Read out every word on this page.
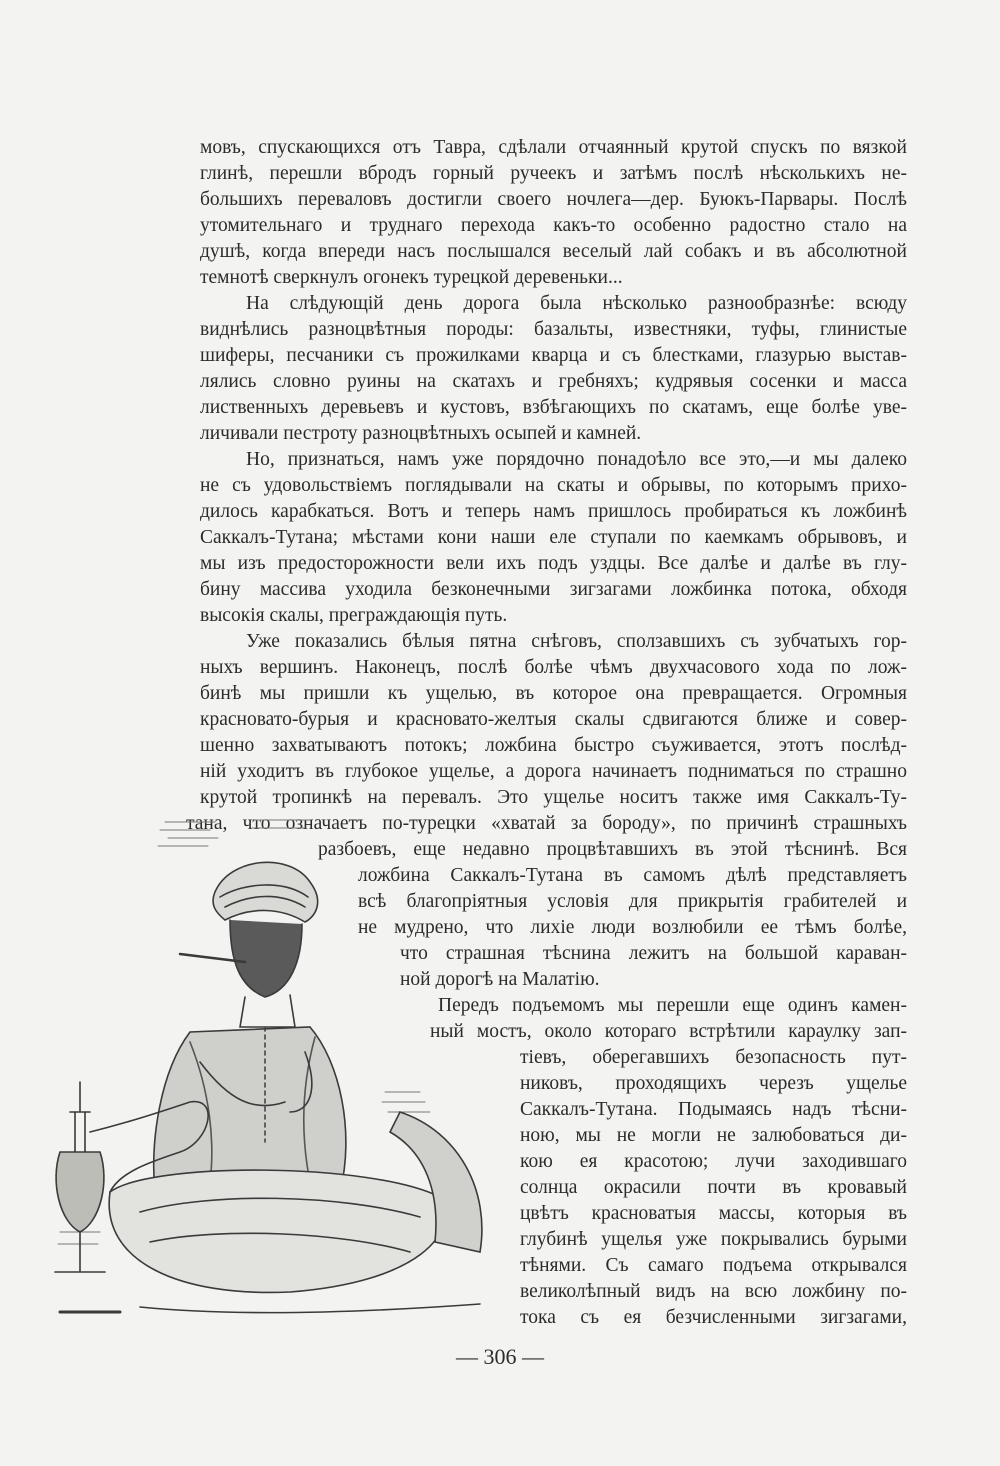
мовъ, спускающихся отъ Тавра, сдѣлали отчаянный крутой спускъ по вязкой
глинѣ, перешли вбродъ горный ручеекъ и затѣмъ послѣ нѣсколькихъ не-
большихъ переваловъ достигли своего ночлега—дер. Буюкъ-Парвары. Послѣ
утомительнаго и труднаго перехода какъ-то особенно радостно стало на
душѣ, когда впереди насъ послышался веселый лай собакъ и въ абсолютной
темнотѣ сверкнулъ огонекъ турецкой деревеньки...
На слѣдующій день дорога была нѣсколько разнообразнѣе: всюду
виднѣлись разноцвѣтныя породы: базальты, известняки, туфы, глинистые
шиферы, песчаники съ прожилками кварца и съ блестками, глазурью выстав-
лялись словно руины на скатахъ и гребняхъ; кудрявыя сосенки и масса
лиственныхъ деревьевъ и кустовъ, взбѣгающихъ по скатамъ, еще болѣе уве-
личивали пестроту разноцвѣтныхъ осыпей и камней.
Но, признаться, намъ уже порядочно понадоѣло все это,—и мы далеко
не съ удовольствіемъ поглядывали на скаты и обрывы, по которымъ прихо-
дилось карабкаться. Вотъ и теперь намъ пришлось пробираться къ ложбинѣ
Саккалъ-Тутана; мѣстами кони наши еле ступали по каемкамъ обрывовъ, и
мы изъ предосторожности вели ихъ подъ уздцы. Все далѣе и далѣе въ глу-
бину массива уходила безконечными зигзагами ложбинка потока, обходя
высокія скалы, преграждающія путь.
Уже показались бѣлыя пятна снѣговъ, сползавшихъ съ зубчатыхъ гор-
ныхъ вершинъ. Наконецъ, послѣ болѣе чѣмъ двухчасового хода по лож-
бинѣ мы пришли къ ущелью, въ которое она превращается. Огромныя
красновато-бурыя и красновато-желтыя скалы сдвигаются ближе и совер-
шенно захватываютъ потокъ; ложбина быстро съуживается, этотъ послѣд-
ній уходитъ въ глубокое ущелье, а дорога начинаетъ подниматься по страшно
крутой тропинкѣ на перевалъ. Это ущелье носитъ также имя Саккалъ-Ту-
тана, что означаетъ по-турецки «хватай за бороду», по причинѣ страшныхъ
разбоевъ, еще недавно процвѣтавшихъ въ этой тѣснинѣ. Вся
ложбина Саккалъ-Тутана въ самомъ дѣлѣ представляетъ
всѣ благопріятныя условія для прикрытія грабителей и
не мудрено, что лихіе люди возлюбили ее тѣмъ болѣе,
что страшная тѣснина лежитъ на большой караван-
ной дорогѣ на Малатію.
Передъ подъемомъ мы перешли еще одинъ камен-
ный мостъ, около котораго встрѣтили караулку зап-
тіевъ, оберегавшихъ безопасность пут-
никовъ, проходящихъ черезъ ущелье
Саккалъ-Тутана. Подымаясь надъ тѣсни-
ною, мы не могли не залюбоваться ди-
кою ея красотою; лучи заходившаго
солнца окрасили почти въ кровавый
цвѣтъ красноватыя массы, которыя въ
глубинѣ ущелья уже покрывались бурыми
тѣнями. Съ самаго подъема открывался
великолѣпный видъ на всю ложбину по-
тока съ ея безчисленными зигзагами,
— 306 —
